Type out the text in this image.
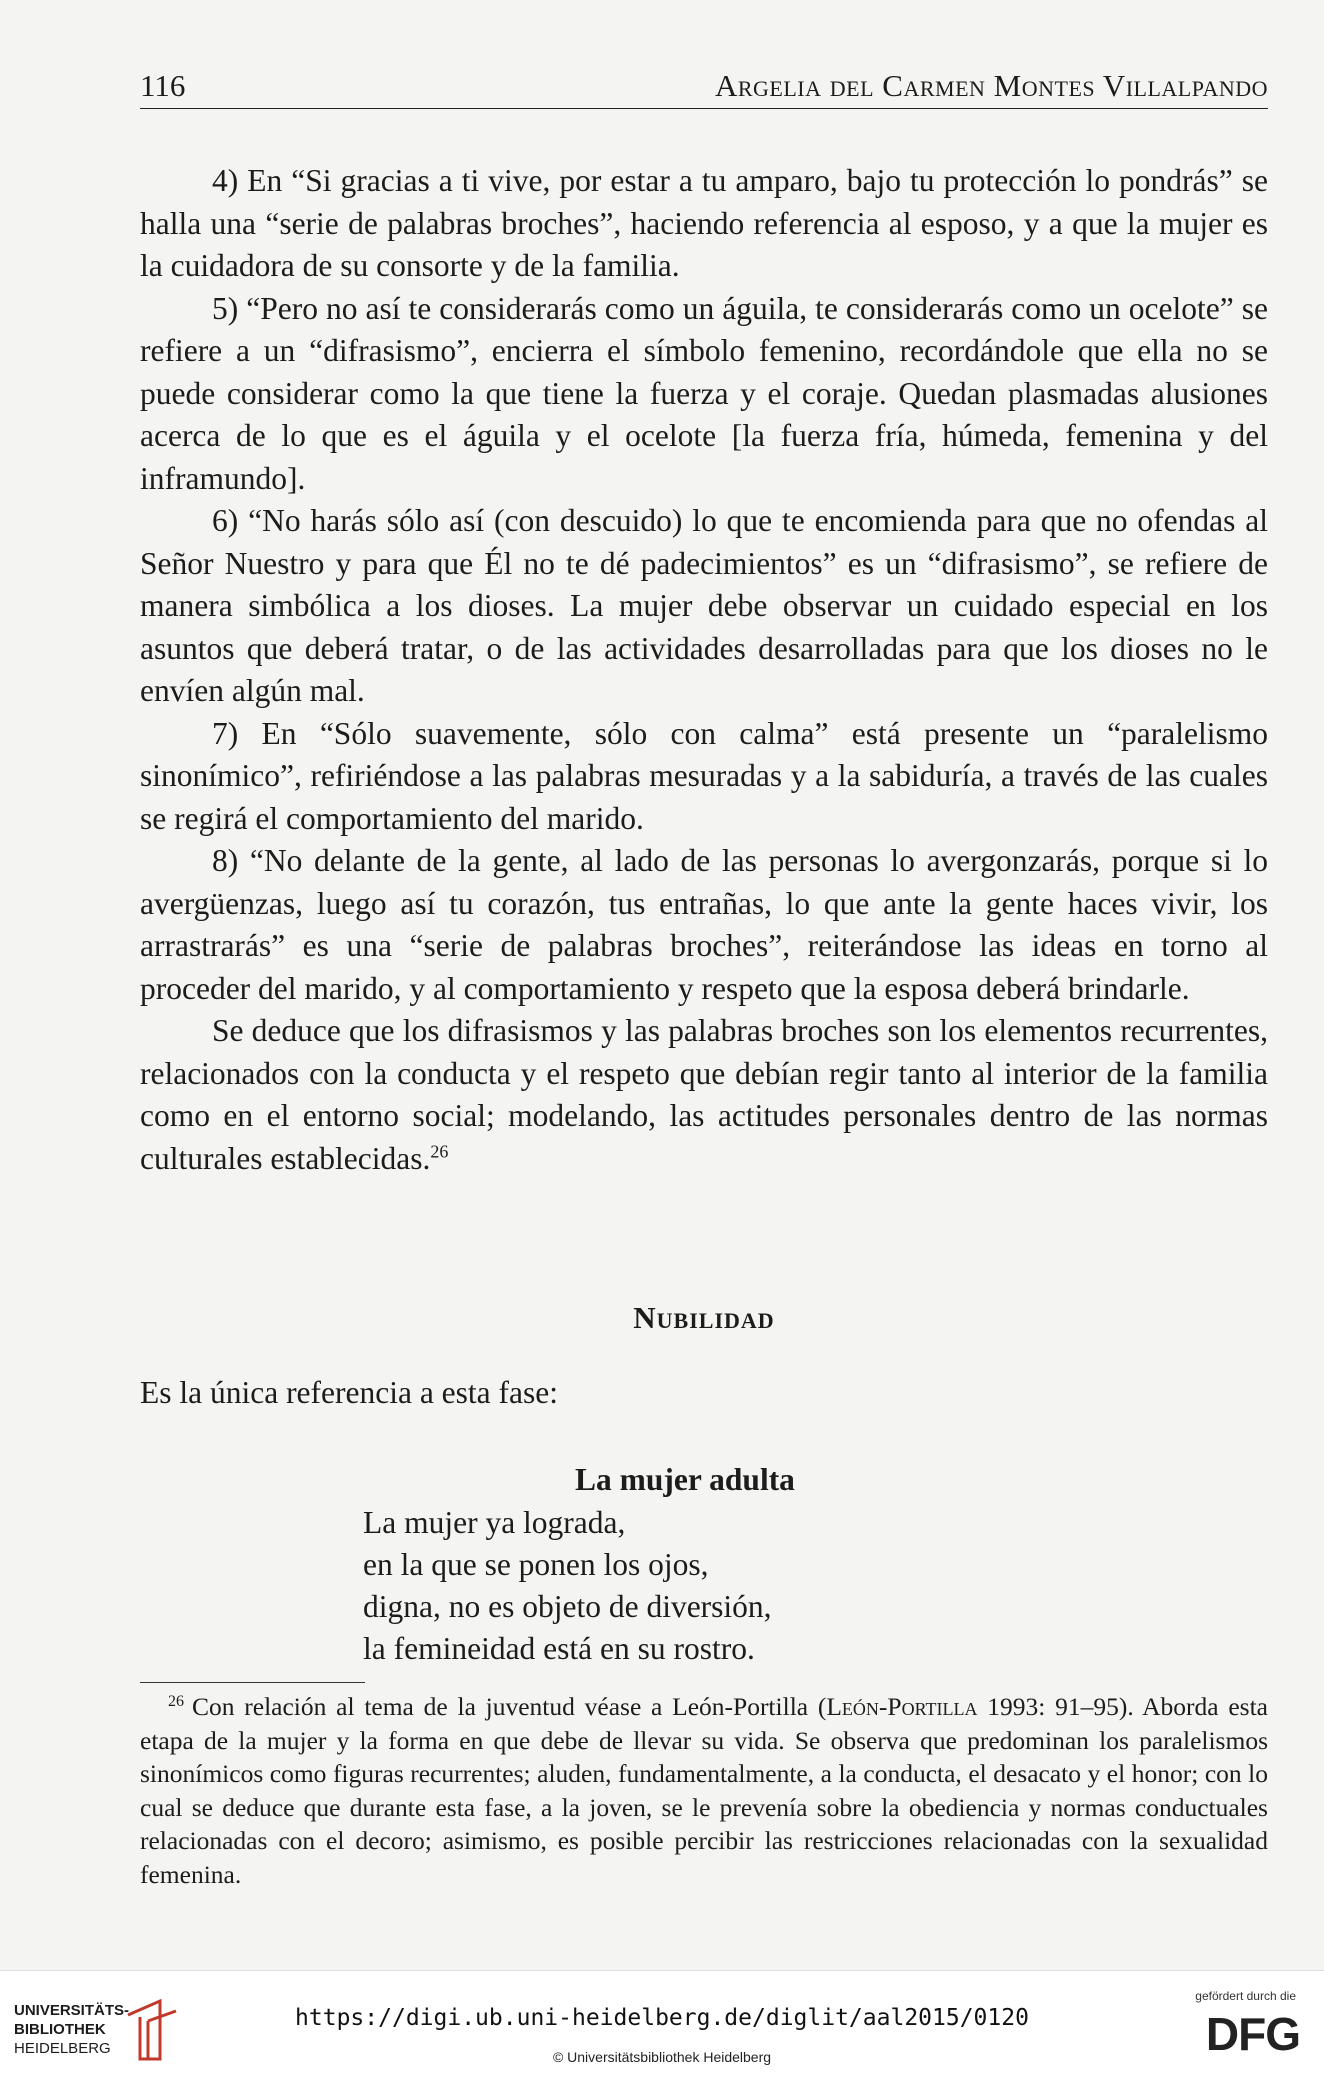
116	Argelia del Carmen Montes Villalpando

4) En “Si gracias a ti vive, por estar a tu amparo, bajo tu protección lo pondrás” se halla una “serie de palabras broches”, haciendo referencia al esposo, y a que la mujer es la cuidadora de su consorte y de la familia.

5) “Pero no así te considerarás como un águila, te considerarás como un ocelote” se refiere a un “difrasismo”, encierra el símbolo femenino, recordándole que ella no se puede considerar como la que tiene la fuerza y el coraje. Quedan plasmadas alusiones acerca de lo que es el águila y el ocelote [la fuerza fría, húmeda, femenina y del inframundo].

6) “No harás sólo así (con descuido) lo que te encomienda para que no ofendas al Señor Nuestro y para que Él no te dé padecimientos” es un “difrasismo”, se refiere de manera simbólica a los dioses. La mujer debe observar un cuidado especial en los asuntos que deberá tratar, o de las actividades desarrolladas para que los dioses no le envíen algún mal.

7) En “Sólo suavemente, sólo con calma” está presente un “paralelismo sinonímico”, refiriéndose a las palabras mesuradas y a la sabiduría, a través de las cuales se regirá el comportamiento del marido.

8) “No delante de la gente, al lado de las personas lo avergonzarás, porque si lo avergüenzas, luego así tu corazón, tus entrañas, lo que ante la gente haces vivir, los arrastrarás” es una “serie de palabras broches”, reiterándose las ideas en torno al proceder del marido, y al comportamiento y respeto que la esposa deberá brindarle.

Se deduce que los difrasismos y las palabras broches son los elementos recurrentes, relacionados con la conducta y el respeto que debían regir tanto al interior de la familia como en el entorno social; modelando, las actitudes personales dentro de las normas culturales establecidas.$^{26}$

Nubilidad
Es la única referencia a esta fase:
La mujer adulta
La mujer ya lograda,
en la que se ponen los ojos,
digna, no es objeto de diversión,
la femineidad está en su rostro.
$^{26}$ Con relación al tema de la juventud véase a León-Portilla (León-Portilla 1993: 91–95). Aborda esta etapa de la mujer y la forma en que debe de llevar su vida. Se observa que predominan los paralelismos sinonímicos como figuras recurrentes; aluden, fundamentalmente, a la conducta, el desacato y el honor; con lo cual se deduce que durante esta fase, a la joven, se le prevenía sobre la obediencia y normas conductuales relacionadas con el decoro; asimismo, es posible percibir las restricciones relacionadas con la sexualidad femenina.
UNIVERSITÄTS-
BIBLIOTHEK
HEIDELBERG
https://digi.ub.uni-heidelberg.de/diglit/aal2015/0120
© Universitätsbibliothek Heidelberg
gefördert durch die
DFG
